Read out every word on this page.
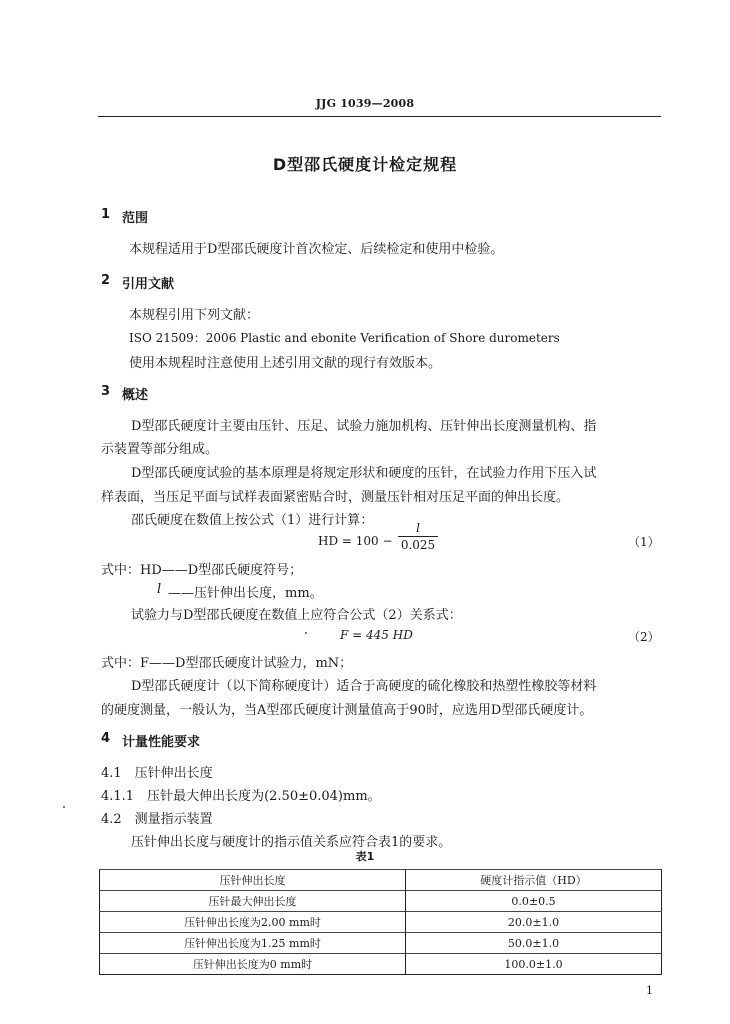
JJG 1039—2008
D型邵氏硬度计检定规程
1 范围
本规程适用于D型邵氏硬度计首次检定、后续检定和使用中检验。
2 引用文献
本规程引用下列文献：
ISO 21509：2006 Plastic and ebonite Verification of Shore durometers
使用本规程时注意使用上述引用文献的现行有效版本。
3 概述
D型邵氏硬度计主要由压针、压足、试验力施加机构、压针伸出长度测量机构、指
示装置等部分组成。
D型邵氏硬度试验的基本原理是将规定形状和硬度的压针，在试验力作用下压入试
样表面，当压足平面与试样表面紧密贴合时，测量压针相对压足平面的伸出长度。
邵氏硬度在数值上按公式（1）进行计算：
HD = 100 −
l
0.025	（1）
式中：HD——D型邵氏硬度符号；
l ——压针伸出长度，mm。
试验力与D型邵氏硬度在数值上应符合公式（2）关系式：
F = 445 HD	（2）
式中：F——D型邵氏硬度计试验力，mN；
D型邵氏硬度计（以下简称硬度计）适合于高硬度的硫化橡胶和热塑性橡胶等材料
的硬度测量，一般认为，当A型邵氏硬度计测量值高于90时，应选用D型邵氏硬度计。
4 计量性能要求
4.1　压针伸出长度
4.1.1　压针最大伸出长度为(2.50±0.04)mm。
4.2　测量指示装置
压针伸出长度与硬度计的指示值关系应符合表1的要求。
表1
压针伸出长度	硬度计指示值（HD）
压针最大伸出长度	0.0±0.5
压针伸出长度为2.00 mm时	20.0±1.0
压针伸出长度为1.25 mm时	50.0±1.0
压针伸出长度为0 mm时	100.0±1.0
1
